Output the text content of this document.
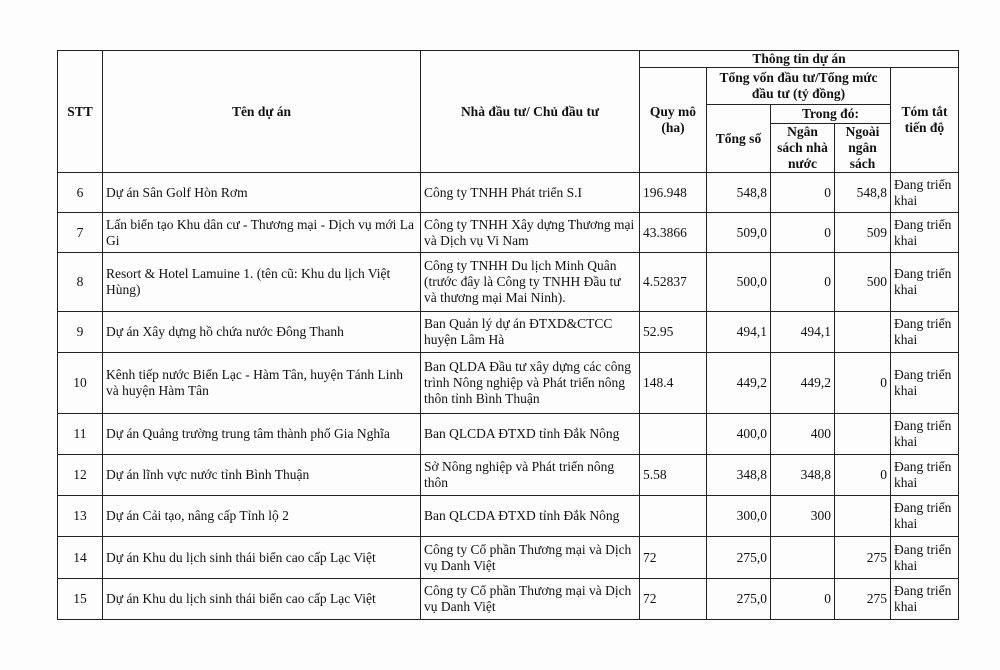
STT	Tên dự án	Nhà đầu tư/ Chủ đầu tư	Thông tin dự án				
			Quy mô (ha)	Tổng vốn đầu tư/Tổng mức đầu tư (tỷ đồng)			Tóm tắt tiến độ
				Tổng số	Trong đó:		
					Ngân sách nhà nước	Ngoài ngân sách	
6	Dự án Sân Golf Hòn Rơm	Công ty TNHH Phát triển S.I	196.948	548,8	0	548,8	Đang triển khai
7	Lấn biển tạo Khu dân cư - Thương mại - Dịch vụ mới La Gi	Công ty TNHH Xây dựng Thương mại và Dịch vụ Vi Nam	43.3866	509,0	0	509	Đang triển khai
8	Resort & Hotel Lamuine 1. (tên cũ: Khu du lịch Việt Hùng)	Công ty TNHH Du lịch Minh Quân (trước đây là Công ty TNHH Đầu tư và thương mại Mai Ninh).	4.52837	500,0	0	500	Đang triển khai
9	Dự án Xây dựng hồ chứa nước Đông Thanh	Ban Quản lý dự án ĐTXD&CTCC huyện Lâm Hà	52.95	494,1	494,1		Đang triển khai
10	Kênh tiếp nước Biển Lạc - Hàm Tân, huyện Tánh Linh và huyện Hàm Tân	Ban QLDA Đầu tư xây dựng các công trình Nông nghiệp và Phát triển nông thôn tỉnh Bình Thuận	148.4	449,2	449,2	0	Đang triển khai
11	Dự án Quảng trường trung tâm thành phố Gia Nghĩa	Ban QLCDA ĐTXD tỉnh Đắk Nông		400,0	400		Đang triển khai
12	Dự án lĩnh vực nước tỉnh Bình Thuận	Sở Nông nghiệp và Phát triển nông thôn	5.58	348,8	348,8	0	Đang triển khai
13	Dự án Cải tạo, nâng cấp Tỉnh lộ 2	Ban QLCDA ĐTXD tỉnh Đắk Nông		300,0	300		Đang triển khai
14	Dự án Khu du lịch sinh thái biển cao cấp Lạc Việt	Công ty Cổ phần Thương mại và Dịch vụ Danh Việt	72	275,0		275	Đang triển khai
15	Dự án Khu du lịch sinh thái biển cao cấp Lạc Việt	Công ty Cổ phần Thương mại và Dịch vụ Danh Việt	72	275,0	0	275	Đang triển khai
